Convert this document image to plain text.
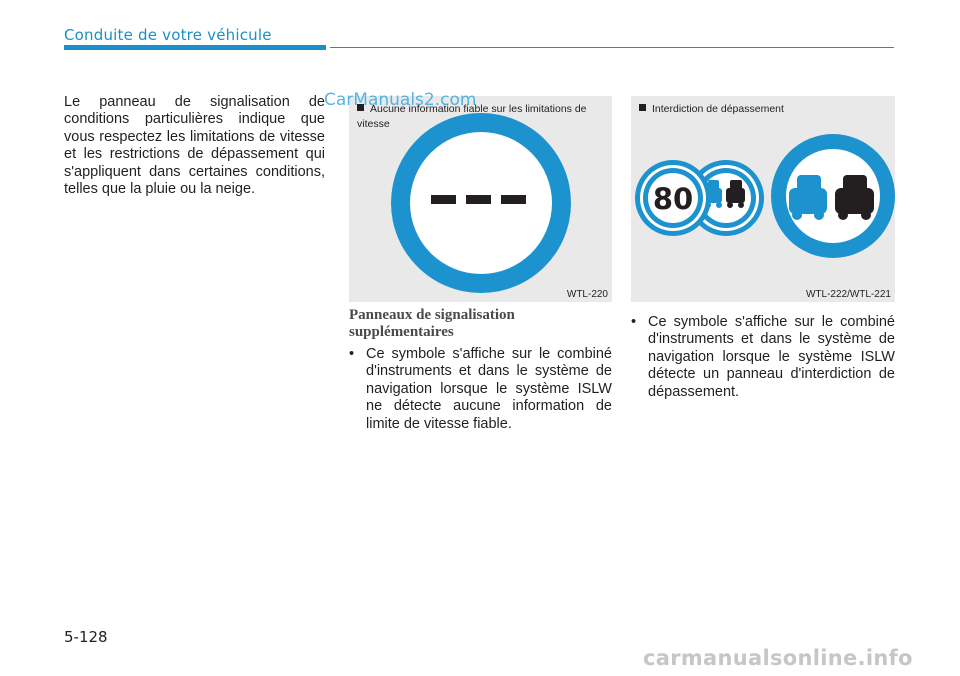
Conduite de votre véhicule
Le panneau de signalisation de conditions particulières indique que vous respectez les limitations de vitesse et les restrictions de dépassement qui s'appliquent dans certaines conditions, telles que la pluie ou la neige.
Aucune information fiable sur les limitations de vitesse
WTL-220
CarManuals2.com
80
Interdiction de dépassement
WTL-222/WTL-221
Panneaux de signalisation supplémentaires
• Ce symbole s'affiche sur le combiné d'instruments et dans le système de navigation lorsque le système ISLW ne détecte aucune information de limite de vitesse fiable.
• Ce symbole s'affiche sur le combiné d'instruments et dans le système de navigation lorsque le système ISLW détecte un panneau d'interdiction de dépassement.
5-128
carmanualsonline.info
